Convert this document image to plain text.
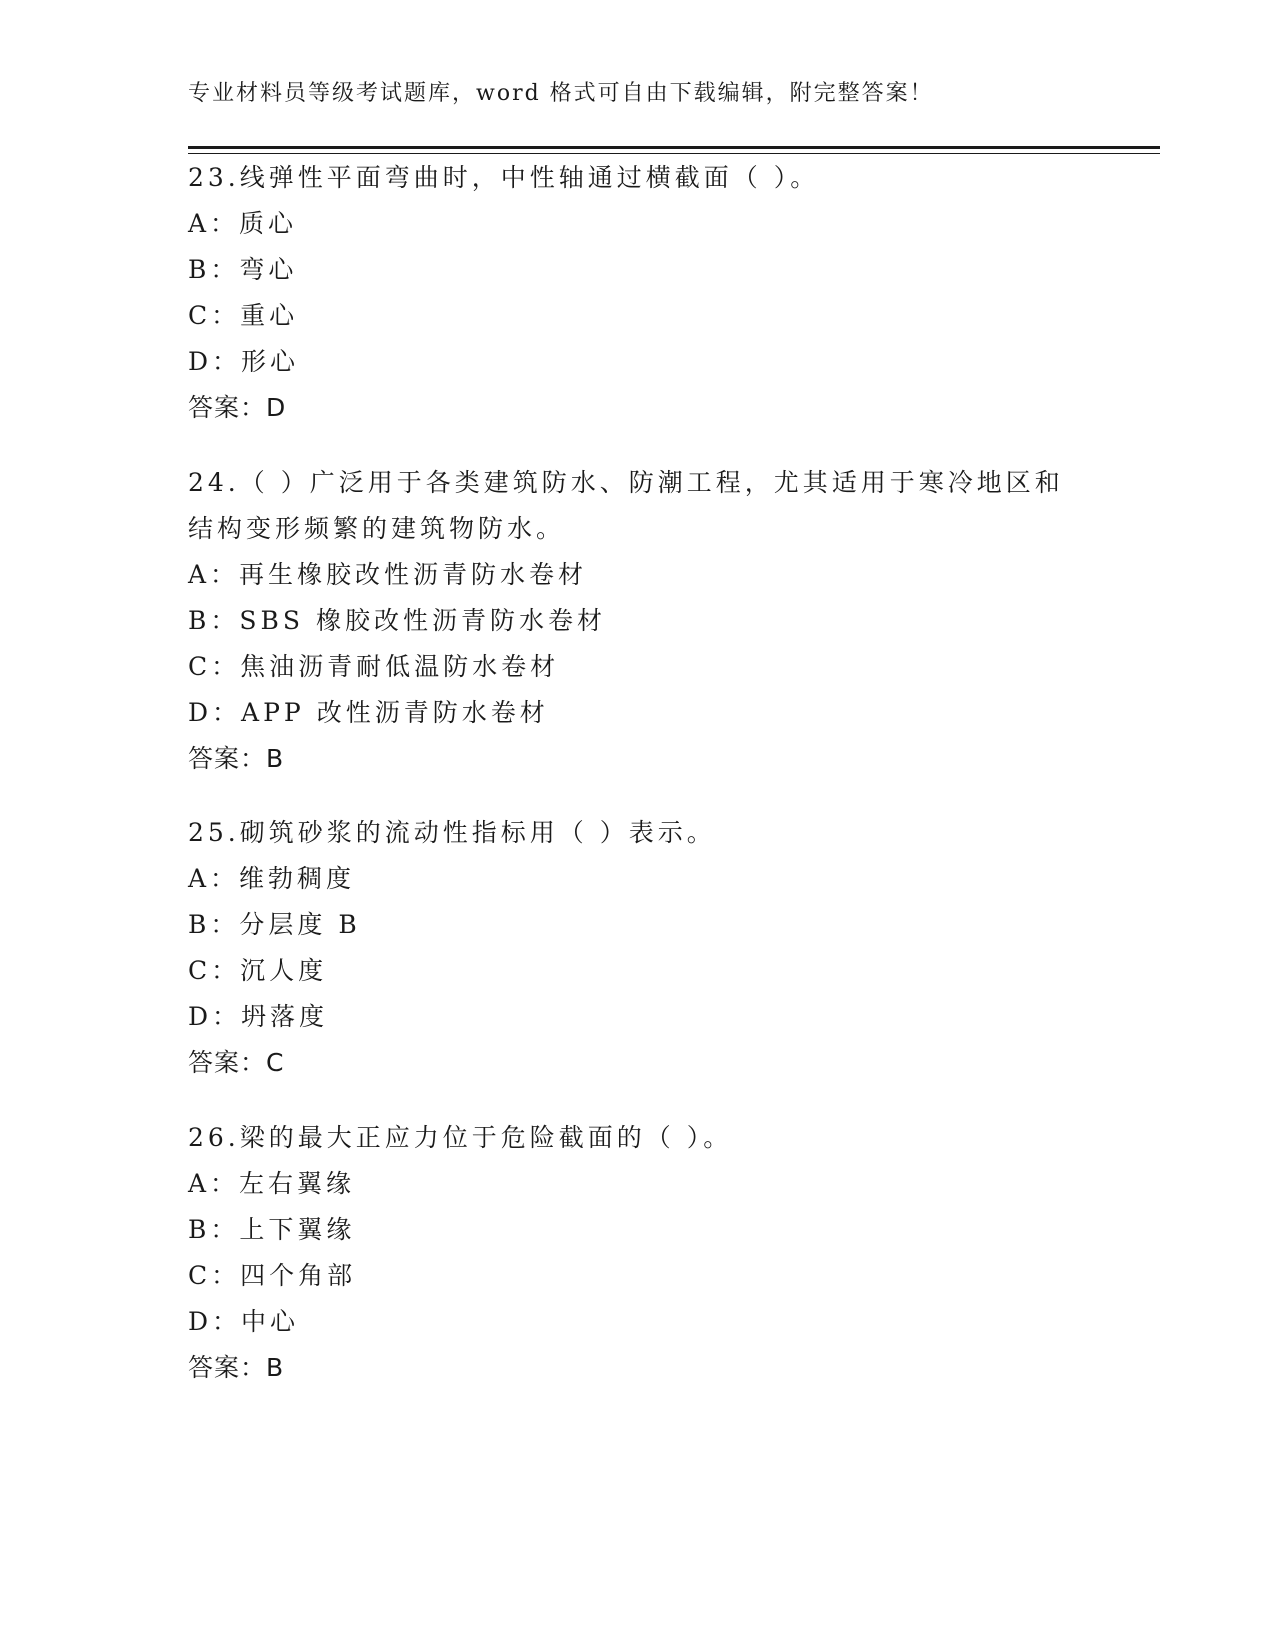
专业材料员等级考试题库，word 格式可自由下载编辑，附完整答案！
23.线弹性平面弯曲时，中性轴通过横截面（ ）。
A：质心
B：弯心
C：重心
D：形心
答案：D
24.（ ）广泛用于各类建筑防水、防潮工程，尤其适用于寒冷地区和
结构变形频繁的建筑物防水。
A：再生橡胶改性沥青防水卷材
B：SBS 橡胶改性沥青防水卷材
C：焦油沥青耐低温防水卷材
D：APP 改性沥青防水卷材
答案：B
25.砌筑砂浆的流动性指标用（ ）表示。
A：维勃稠度
B：分层度 B
C：沉人度
D：坍落度
答案：C
26.梁的最大正应力位于危险截面的（ ）。
A：左右翼缘
B：上下翼缘
C：四个角部
D：中心
答案：B
